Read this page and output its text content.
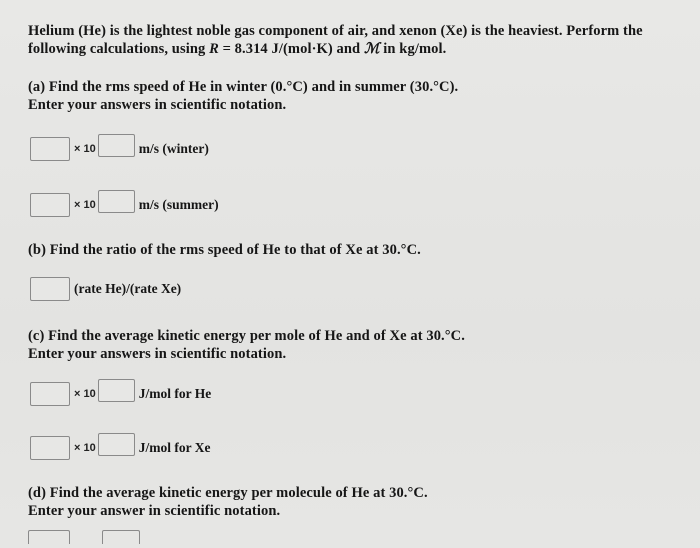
Helium (He) is the lightest noble gas component of air, and xenon (Xe) is the heaviest. Perform the
following calculations, using R = 8.314 J/(mol·K) and ℳ in kg/mol.
(a) Find the rms speed of He in winter (0.°C) and in summer (30.°C).
Enter your answers in scientific notation.
× 10	m/s (winter)
× 10	m/s (summer)
(b) Find the ratio of the rms speed of He to that of Xe at 30.°C.
(rate He)/(rate Xe)
(c) Find the average kinetic energy per mole of He and of Xe at 30.°C.
Enter your answers in scientific notation.
× 10	J/mol for He
× 10	J/mol for Xe
(d) Find the average kinetic energy per molecule of He at 30.°C.
Enter your answer in scientific notation.
